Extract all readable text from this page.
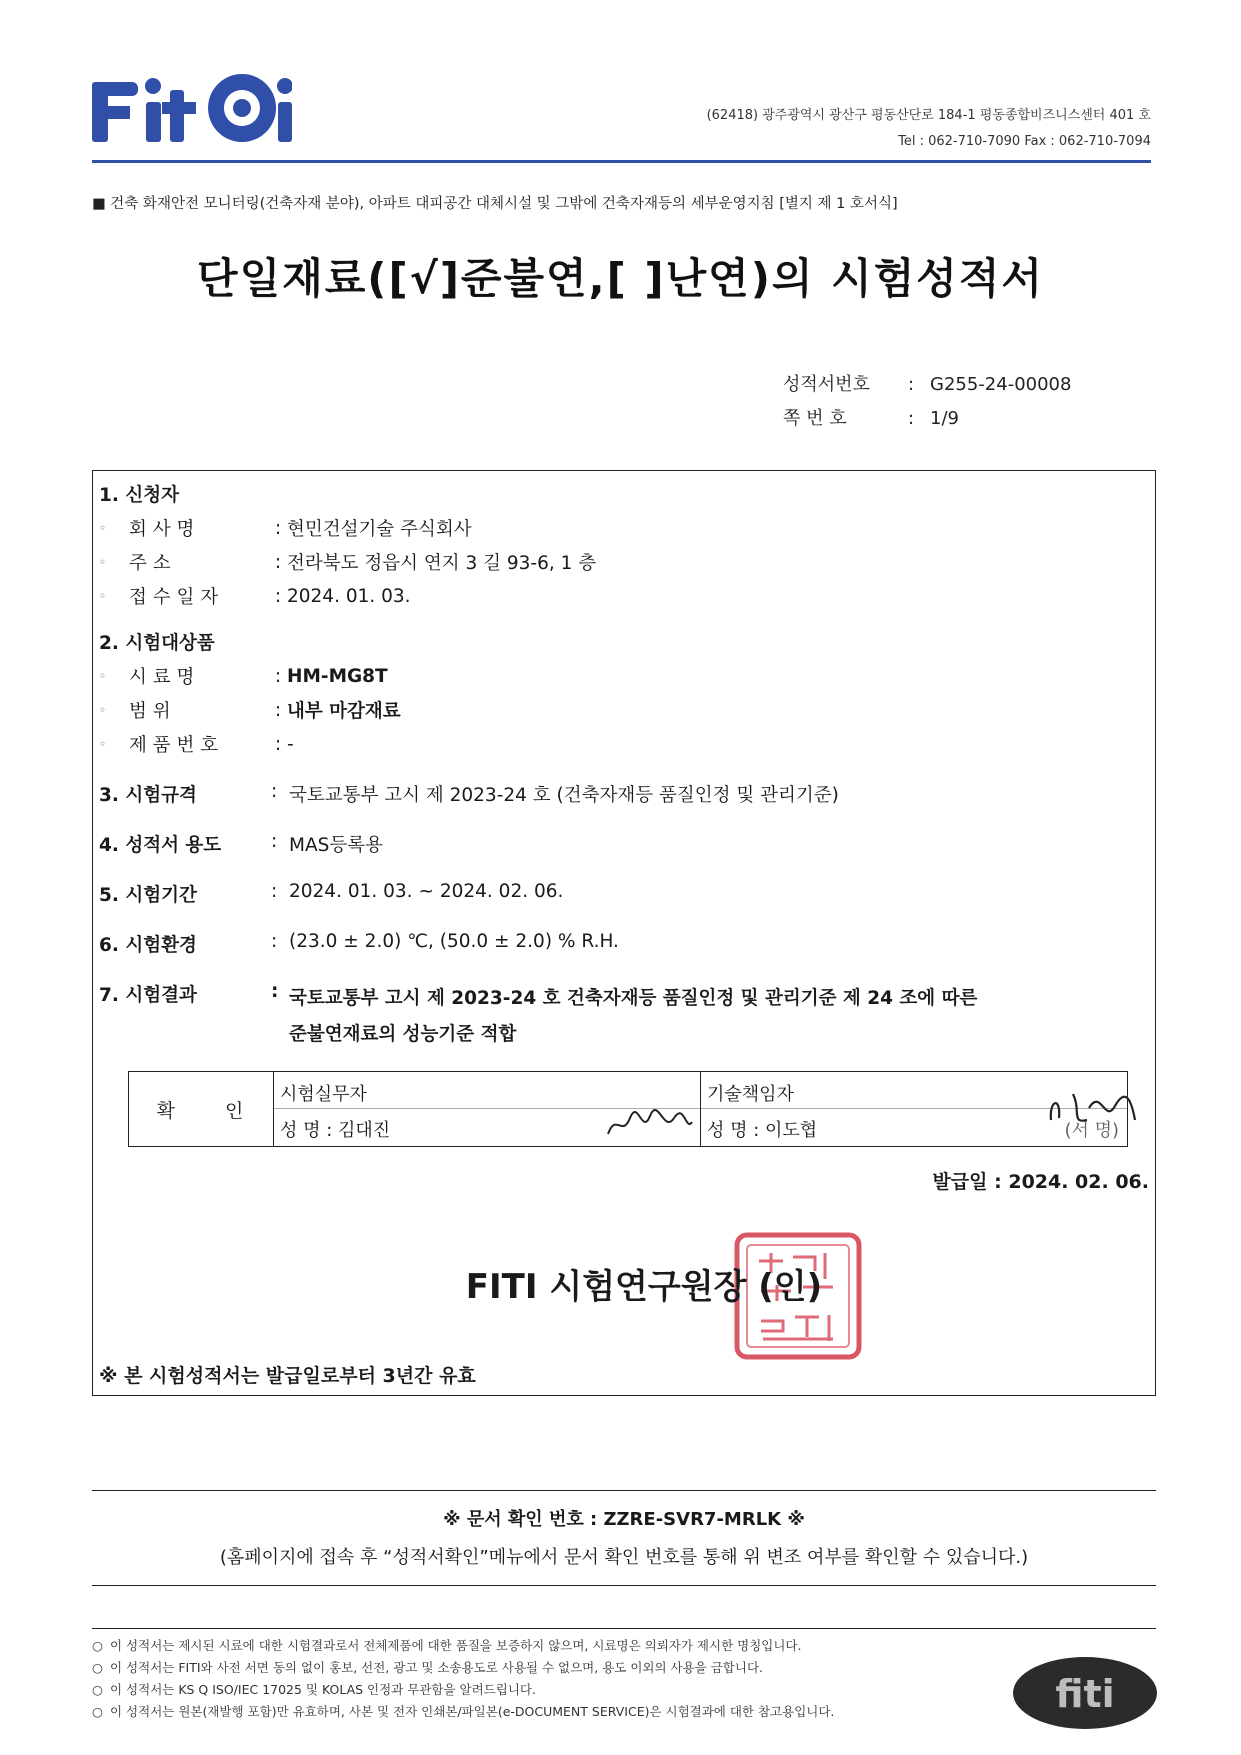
(62418) 광주광역시 광산구 평동산단로 184-1 평동종합비즈니스센터 401 호
Tel : 062-710-7090 Fax : 062-710-7094
■ 건축 화재안전 모니터링(건축자재 분야), 아파트 대피공간 대체시설 및 그밖에 건축자재등의 세부운영지침 [별지 제 1 호서식]
단일재료([√]준불연,[ ]난연)의 시험성적서
성적서번호	: G255-24-00008
쪽 번 호	: 1/9
1. 신청자
◦	회 사 명	: 현민건설기술 주식회사
◦	주 소	: 전라북도 정읍시 연지 3 길 93-6, 1 층
◦	접 수 일 자	: 2024. 01. 03.
2. 시험대상품
◦	시 료 명	: HM-MG8T
◦	범 위	: 내부 마감재료
◦	제 품 번 호	: -
3. 시험규격	: 국토교통부 고시 제 2023-24 호 (건축자재등 품질인정 및 관리기준)
4. 성적서 용도	: MAS등록용
5. 시험기간	: 2024. 01. 03. ~ 2024. 02. 06.
6. 시험환경	: (23.0 ± 2.0) ℃, (50.0 ± 2.0) % R.H.
7. 시험결과	: 국토교통부 고시 제 2023-24 호 건축자재등 품질인정 및 관리기준 제 24 조에 따른
준불연재료의 성능기준 적합
확 인
시험실무자
성 명 : 김대진
기술책임자
성 명 : 이도협	(서 명)
발급일 : 2024. 02. 06.
FITI 시험연구원장 (인)
※ 본 시험성적서는 발급일로부터 3년간 유효
※ 문서 확인 번호 : ZZRE-SVR7-MRLK ※
(홈페이지에 접속 후 “성적서확인”메뉴에서 문서 확인 번호를 통해 위 변조 여부를 확인할 수 있습니다.)
○ 이 성적서는 제시된 시료에 대한 시험결과로서 전체제품에 대한 품질을 보증하지 않으며, 시료명은 의뢰자가 제시한 명칭입니다.
○ 이 성적서는 FITI와 사전 서면 동의 없이 홍보, 선전, 광고 및 소송용도로 사용될 수 없으며, 용도 이외의 사용을 금합니다.
○ 이 성적서는 KS Q ISO/IEC 17025 및 KOLAS 인정과 무관함을 알려드립니다.
○ 이 성적서는 원본(재발행 포함)만 유효하며, 사본 및 전자 인쇄본/파일본(e-DOCUMENT SERVICE)은 시험결과에 대한 참고용입니다.	fiti
